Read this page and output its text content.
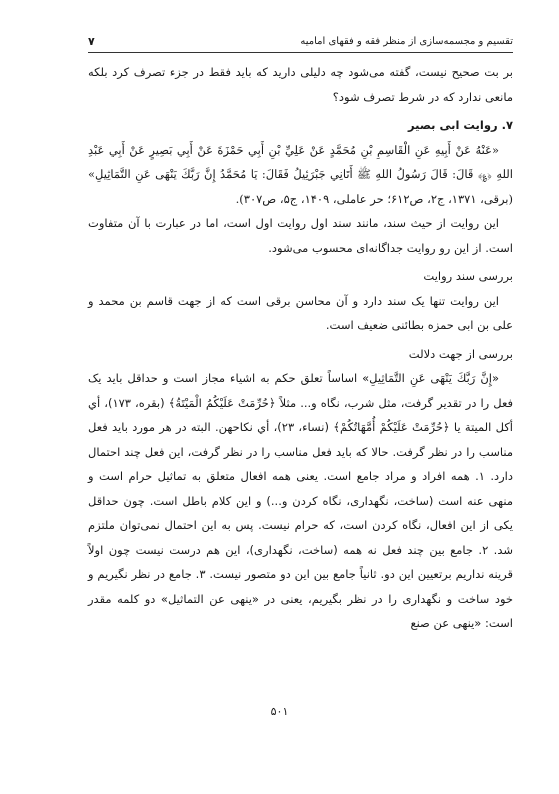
تقسیم و مجسمه‌سازی از منظر فقه و فقهای امامیه
۷

بر بت صحیح نیست، گفته می‌شود چه دلیلی دارید که باید فقط در جزء تصرف کرد بلکه مانعی ندارد که در شرط تصرف شود؟

۷. روایت ابی بصیر

«عَنْهُ عَنْ أَبِيهِ عَنِ الْقَاسِمِ بْنِ مُحَمَّدٍ عَنْ عَلِيِّ بْنِ أَبِي حَمْزَةَ عَنْ أَبِي بَصِيرٍ عَنْ أَبِي عَبْدِ اللهِ ﴿؏﴾ قَالَ: قَالَ رَسُولُ اللهِ ﷺ أَتَانِي جَبْرَئِيلُ فَقَالَ: يَا مُحَمَّدُ إِنَّ رَبَّكَ يَنْهَى عَنِ التَّمَاثِيلِ» (برقی، ۱۳۷۱، ج۲، ص۶۱۲؛ حر عاملی، ۱۴۰۹، ج۵، ص۳۰۷).

این روایت از حیث سند، مانند سند اول روایت اول است، اما در عبارت با آن متفاوت است. از این رو روایت جداگانه‌ای محسوب می‌شود.

بررسی سند روایت

این روایت تنها یک سند دارد و آن محاسن برقی است که از جهت قاسم بن محمد و علی بن ابی حمزه بطائنی ضعیف است.

بررسی از جهت دلالت

«إِنَّ رَبَّكَ يَنْهَى عَنِ التَّمَاثِيلِ» اساساً تعلق حکم به اشیاء مجاز است و حداقل باید یک فعل را در تقدیر گرفت، مثل شرب، نگاه و... مثلاً ﴿حُرِّمَتْ عَلَيْكُمُ الْمَيْتَةُ﴾ (بقره، ۱۷۳)، أي أكل الميتة يا ﴿حُرِّمَتْ عَلَيْكُمْ أُمَّهَاتُكُمْ﴾ (نساء، ۲۳)، أي نكاحهن. البته در هر مورد باید فعل مناسب را در نظر گرفت. حالا که باید فعل مناسب را در نظر گرفت، این فعل چند احتمال دارد. ۱. همه افراد و مراد جامع است. یعنی همه افعال متعلق به تماثیل حرام است و منهی عنه است (ساخت، نگهداری، نگاه کردن و...) و این کلام باطل است. چون حداقل یکی از این افعال، نگاه کردن است، که حرام نیست. پس به این احتمال نمی‌توان ملتزم شد. ۲. جامع بین چند فعل نه همه (ساخت، نگهداری)، این هم درست نیست چون اولاً قرینه نداریم برتعیین این دو. ثانیاً جامع بین این دو متصور نیست. ۳. جامع در نظر نگیریم و خود ساخت و نگهداری را در نظر بگیریم، یعنی در «ینهی عن التماثیل» دو کلمه مقدر است: «ینهی عن صنع

۵۰۱
